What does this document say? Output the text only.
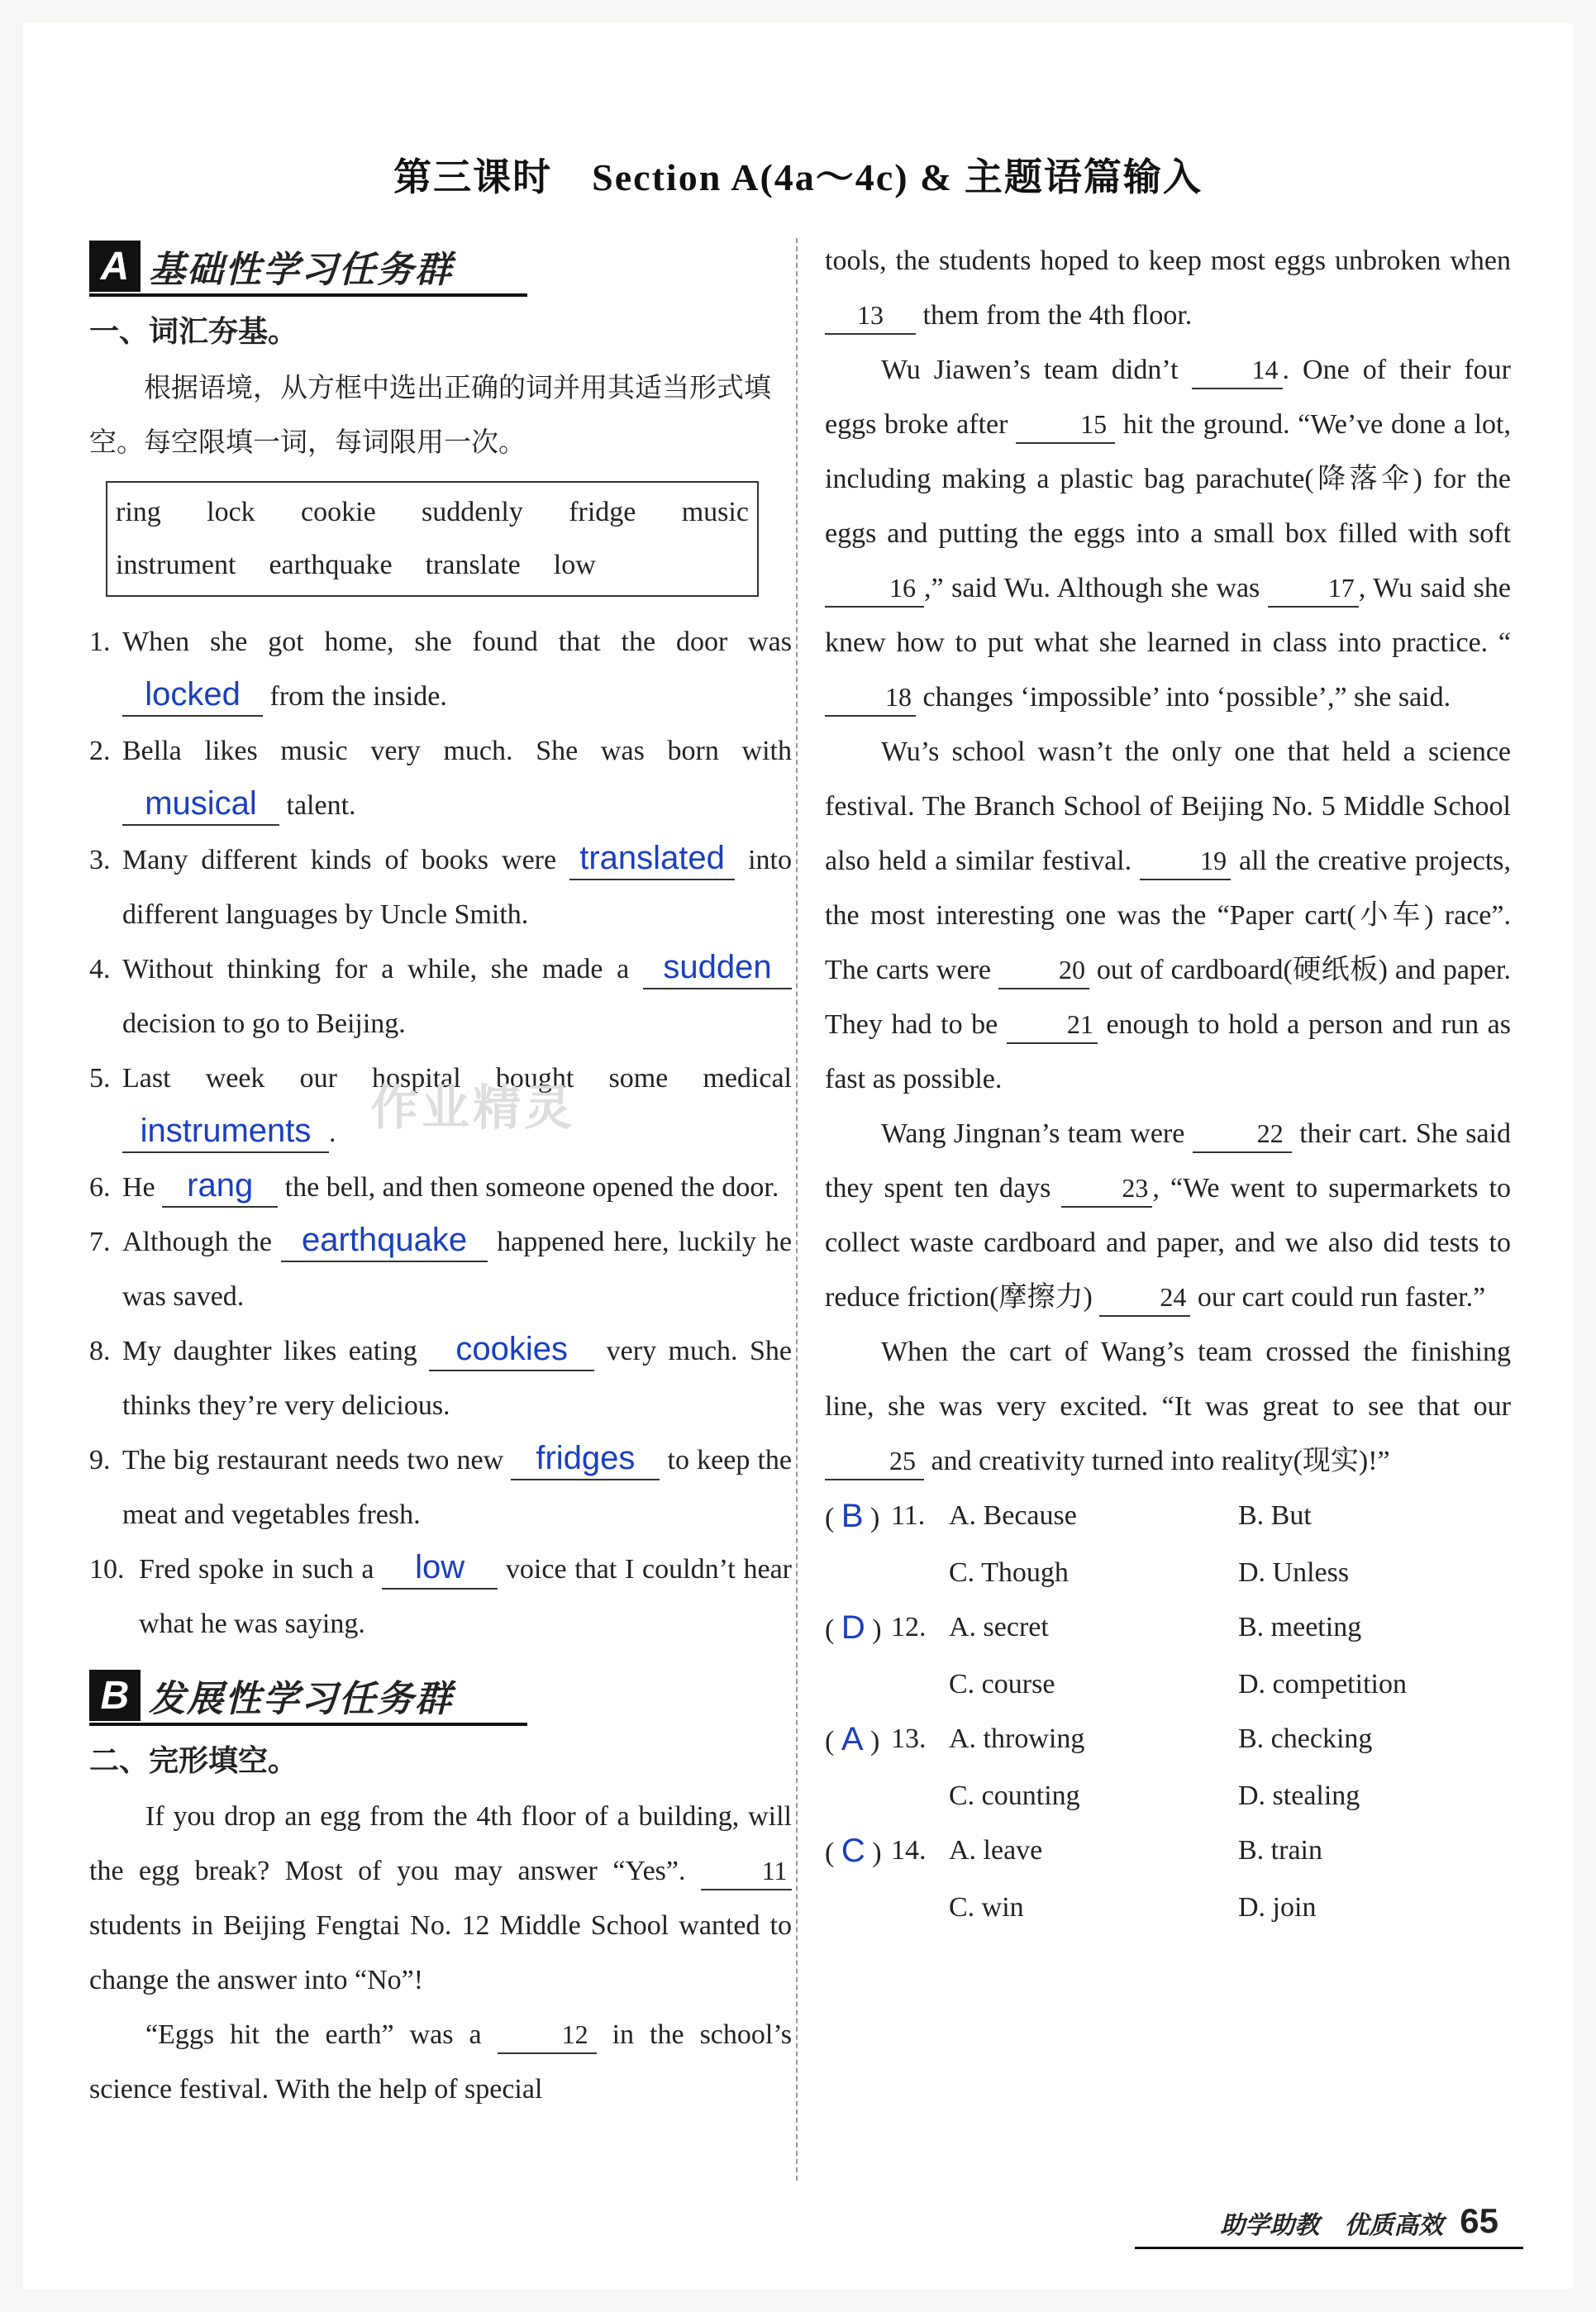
第三课时　Section A(4a～4c) & 主题语篇输入
A 基础性学习任务群
一、词汇夯基。
根据语境，从方框中选出正确的词并用其适当形式填空。每空限填一词，每词限用一次。
ring lock cookie suddenly fridge music
instrument earthquake translate low
1. When she got home, she found that the door was locked from the inside.
2. Bella likes music very much. She was born with musical talent.
3. Many different kinds of books were translated into different languages by Uncle Smith.
4. Without thinking for a while, she made a sudden decision to go to Beijing.
5. Last week our hospital bought some medical instruments .
6. He rang the bell, and then someone opened the door.
7. Although the earthquake happened here, luckily he was saved.
8. My daughter likes eating cookies very much. She thinks they’re very delicious.
9. The big restaurant needs two new fridges to keep the meat and vegetables fresh.
10. Fred spoke in such a low voice that I couldn’t hear what he was saying.
B 发展性学习任务群
二、完形填空。
If you drop an egg from the 4th floor of a building, will the egg break? Most of you may answer “Yes”.	11 students in Beijing Fengtai No. 12 Middle School wanted to change the answer into “No”!
“Eggs hit the earth” was a	12 in the school’s science festival. With the help of special
作业精灵
tools, the students hoped to keep most eggs unbroken when 13 them from the 4th floor.
Wu Jiawen’s team didn’t	14 . One of their four eggs broke after	15 hit the ground. “We’ve done a lot, including making a plastic bag parachute(降落伞) for the eggs and putting the eggs into a small box filled with soft 16 ,” said Wu. Although she was	17 , Wu said she knew how to put what she learned in class into practice. “18 changes ‘impossible’ into ‘possible’,” she said.
Wu’s school wasn’t the only one that held a science festival. The Branch School of Beijing No. 5 Middle School also held a similar festival.	19 all the creative projects, the most interesting one was the “Paper cart(小车) race”. The carts were	20 out of cardboard(硬纸板) and paper. They had to be	21 enough to hold a person and run as fast as possible.
Wang Jingnan’s team were	22 their cart. She said they spent ten days	23 , “We went to supermarkets to collect waste cardboard and paper, and we also did tests to reduce friction(摩擦力)	24 our cart could run faster.”
When the cart of Wang’s team crossed the finishing line, she was very excited. “It was great to see that our 25 and creativity turned into reality(现实)!”
( B ) 11. A. Because	B. But
C. Though	D. Unless
( D ) 12. A. secret	B. meeting
C. course	D. competition
( A ) 13. A. throwing	B. checking
C. counting	D. stealing
( C ) 14. A. leave	B. train
C. win	D. join
助学助教　优质高效 65
